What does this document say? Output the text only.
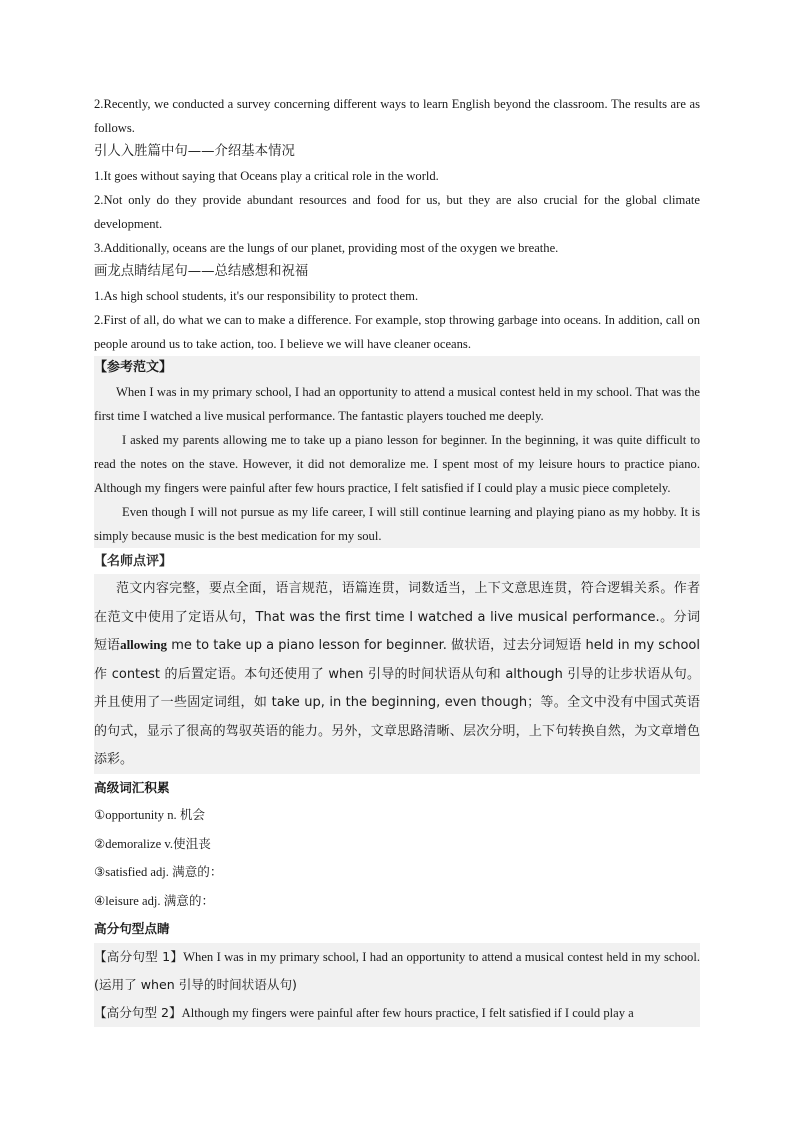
2.Recently, we conducted a survey concerning different ways to learn English beyond the classroom. The results are as follows.

引人入胜篇中句——介绍基本情况

1.It goes without saying that Oceans play a critical role in the world.

2.Not only do they provide abundant resources and food for us, but they are also crucial for the global climate development.

3.Additionally, oceans are the lungs of our planet, providing most of the oxygen we breathe.

画龙点睛结尾句——总结感想和祝福

1.As high school students, it's our responsibility to protect them.

2.First of all, do what we can to make a difference. For example, stop throwing garbage into oceans. In addition, call on people around us to take action, too. I believe we will have cleaner oceans.

【参考范文】

When I was in my primary school, I had an opportunity to attend a musical contest held in my school. That was the first time I watched a live musical performance. The fantastic players touched me deeply.

I asked my parents allowing me to take up a piano lesson for beginner. In the beginning, it was quite difficult to read the notes on the stave. However, it did not demoralize me. I spent most of my leisure hours to practice piano. Although my fingers were painful after few hours practice, I felt satisfied if I could play a music piece completely.

Even though I will not pursue as my life career, I will still continue learning and playing piano as my hobby. It is simply because music is the best medication for my soul.

【名师点评】

范文内容完整，要点全面，语言规范，语篇连贯，词数适当，上下文意思连贯，符合逻辑关系。作者在范文中使用了定语从句，That was the first time I watched a live musical performance.。分词短语allowing me to take up a piano lesson for beginner. 做状语，过去分词短语 held in my school 作 contest 的后置定语。本句还使用了 when 引导的时间状语从句和 although 引导的让步状语从句。并且使用了一些固定词组，如 take up, in the beginning, even though；等。全文中没有中国式英语的句式，显示了很高的驾驭英语的能力。另外，文章思路清晰、层次分明，上下句转换自然，为文章增色添彩。

高级词汇积累

①opportunity n. 机会

②demoralize v.使沮丧

③satisfied adj. 满意的：

④leisure adj. 满意的：

高分句型点睛

【高分句型 1】When I was in my primary school, I had an opportunity to attend a musical contest held in my school. (运用了 when 引导的时间状语从句)

【高分句型 2】Although my fingers were painful after few hours practice, I felt satisfied if I could play a
